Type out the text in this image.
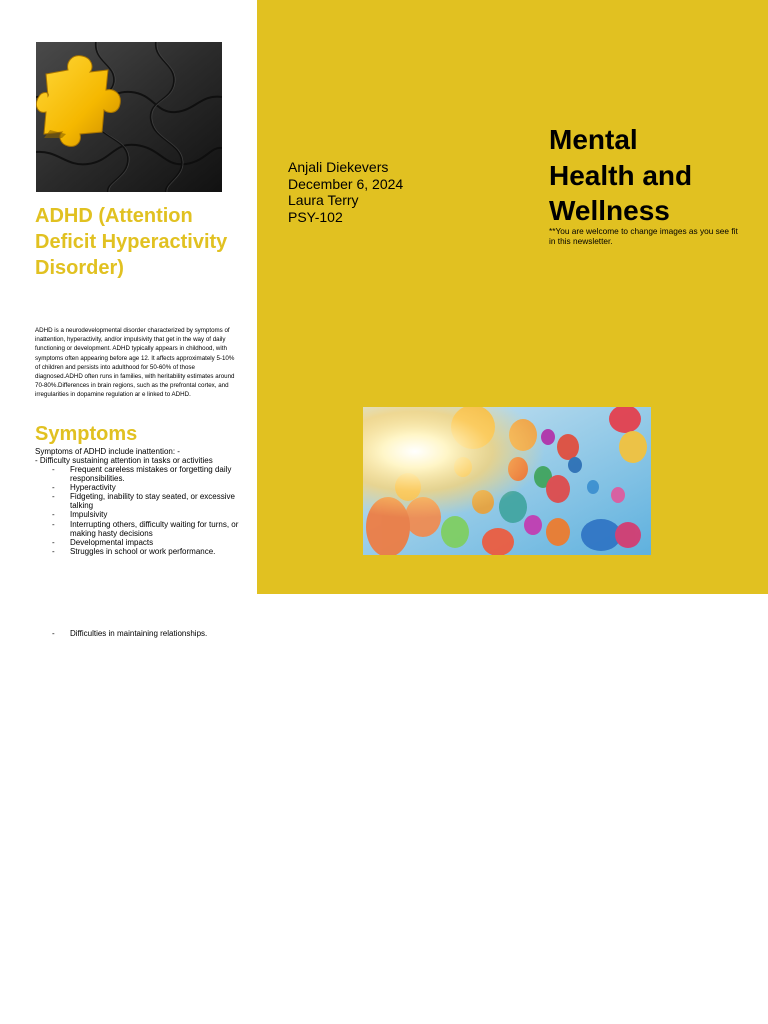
ADHD (Attention Deficit Hyperactivity Disorder)

ADHD is a neurodevelopmental disorder characterized by symptoms of inattention, hyperactivity, and/or impulsivity that get in the way of daily functioning or development. ADHD typically appears in childhood, with symptoms often appearing before age 12. It affects approximately 5-10% of children and persists into adulthood for 50-60% of those diagnosed.ADHD often runs in families, with heritability estimates around 70-80%.Differences in brain regions, such as the prefrontal cortex, and irregularities in dopamine regulation ar e linked to ADHD.

Symptoms
Symptoms of ADHD include inattention: -
- Difficulty sustaining attention in tasks or activities
- Frequent careless mistakes or forgetting daily responsibilities.
- Hyperactivity
- Fidgeting, inability to stay seated, or excessive talking
- Impulsivity
- Interrupting others, difficulty waiting for turns, or making hasty decisions
- Developmental impacts
- Struggles in school or work performance.
- Difficulties in maintaining relationships.
Anjali Diekevers
December 6, 2024
Laura Terry
PSY-102
Mental
Health and
Wellness
**You are welcome to change images as you see fit in this newsletter.
